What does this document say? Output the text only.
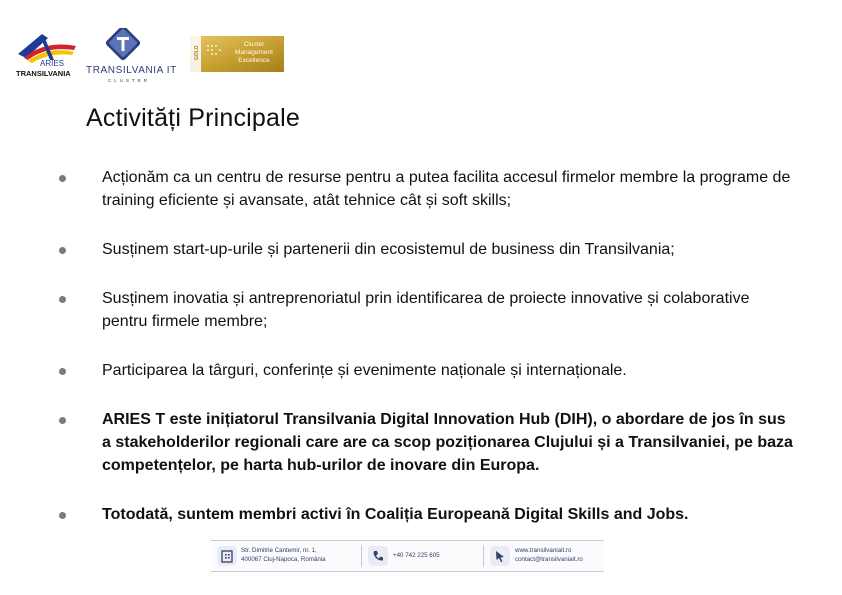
ARIES
TRANSILVANIA TRANSILVANIA IT
CLUSTER
GOLD
Cluster
Management
Excellence
Activități Principale
Acționăm ca un centru de resurse pentru a putea facilita accesul firmelor membre la programe de training eficiente și avansate, atât tehnice cât și soft skills;
Susținem start-up-urile și partenerii din ecosistemul de business din Transilvania;
Susținem inovatia și antreprenoriatul prin identificarea de proiecte innovative și colaborative pentru firmele membre;
Participarea la târguri, conferințe și evenimente naționale și internaționale.
ARIES T este inițiatorul Transilvania Digital Innovation Hub (DIH), o abordare de jos în sus a stakeholderilor regionali care are ca scop poziționarea Clujului și a Transilvaniei, pe baza competențelor, pe harta hub-urilor de inovare din Europa.
Totodată, suntem membri activi în Coaliția Europeană Digital Skills and Jobs.
Str. Dimitrie Cantemir, nr. 1,
400067 Cluj-Napoca, România
+40 742 225 605
www.transilvaniait.ro
contact@transilvaniait.ro
